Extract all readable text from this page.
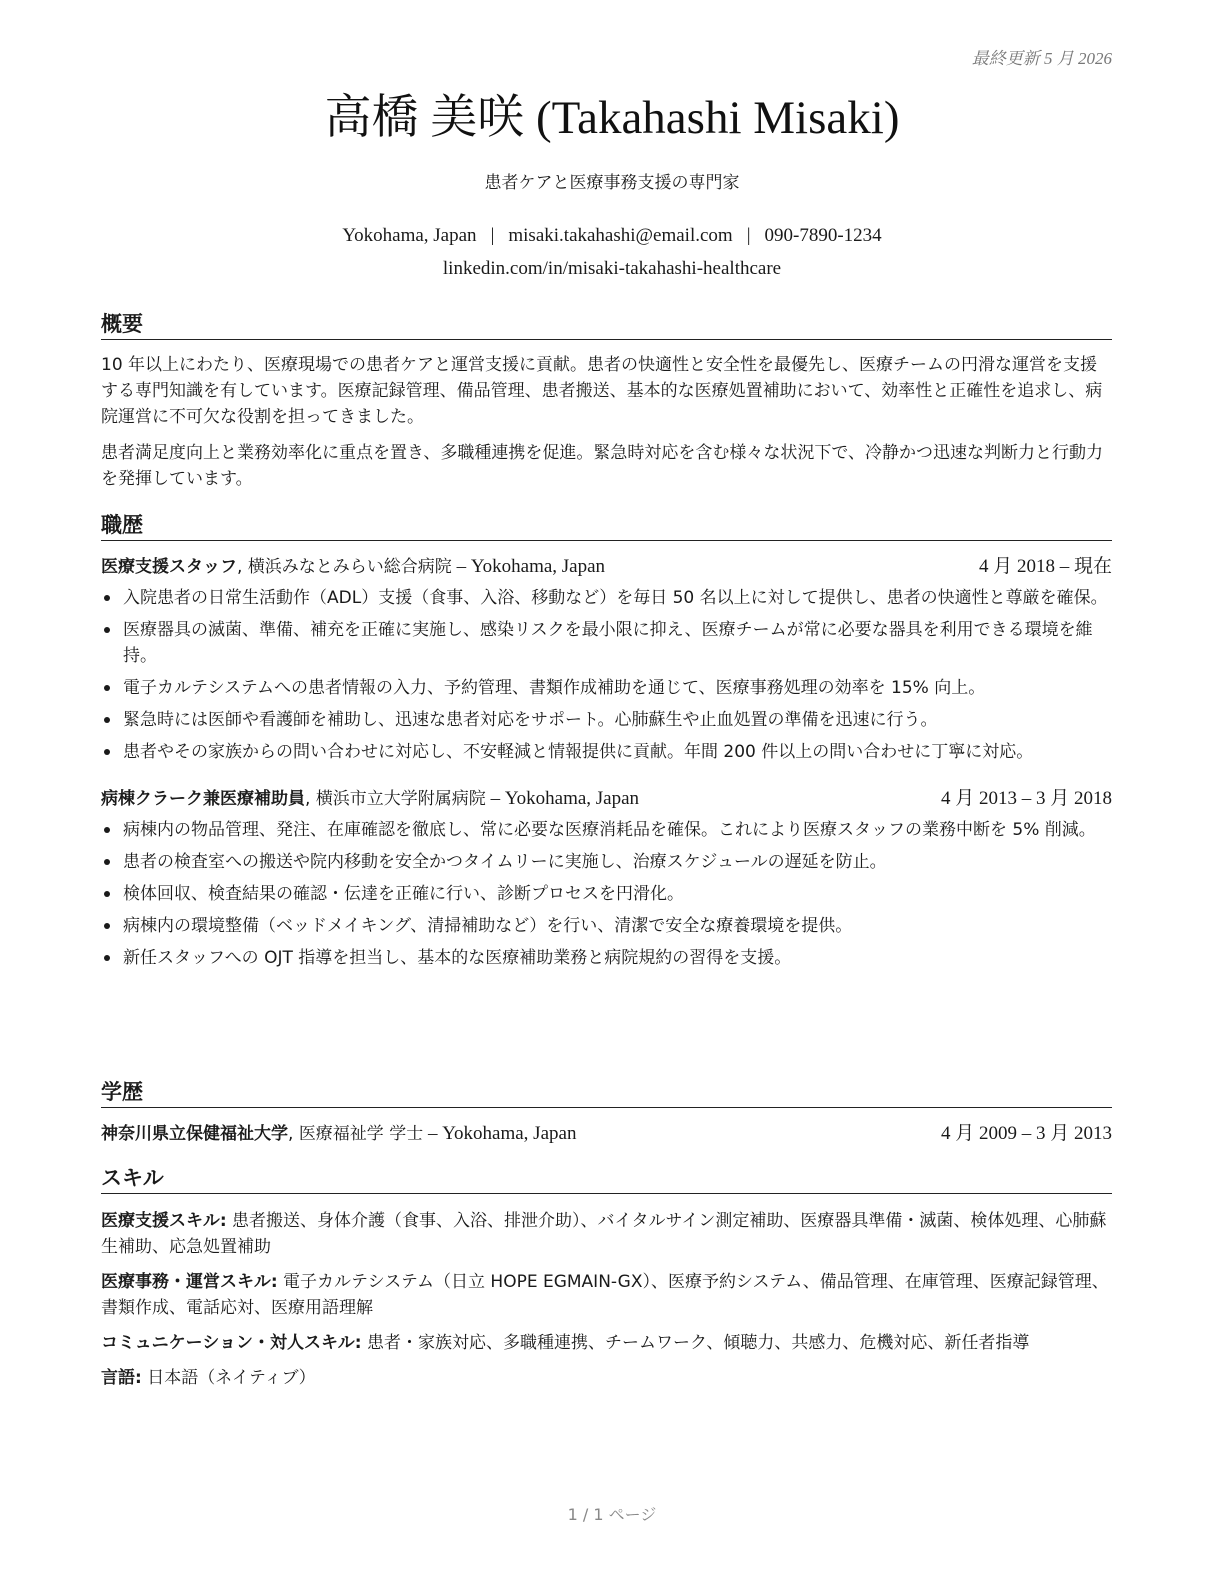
最終更新 5 月 2026
高橋 美咲 (Takahashi Misaki)
患者ケアと医療事務支援の専門家
Yokohama, Japan | misaki.takahashi@email.com | 090-7890-1234
linkedin.com/in/misaki-takahashi-healthcare
概要

10 年以上にわたり、医療現場での患者ケアと運営支援に貢献。患者の快適性と安全性を最優先し、医療チームの円滑な運営を支援する専門知識を有しています。医療記録管理、備品管理、患者搬送、基本的な医療処置補助において、効率性と正確性を追求し、病院運営に不可欠な役割を担ってきました。

患者満足度向上と業務効率化に重点を置き、多職種連携を促進。緊急時対応を含む様々な状況下で、冷静かつ迅速な判断力と行動力を発揮しています。

職歴
医療支援スタッフ, 横浜みなとみらい総合病院 – Yokohama, Japan	4 月 2018 – 現在
入院患者の日常生活動作（ADL）支援（食事、入浴、移動など）を毎日 50 名以上に対して提供し、患者の快適性と尊厳を確保。
医療器具の滅菌、準備、補充を正確に実施し、感染リスクを最小限に抑え、医療チームが常に必要な器具を利用できる環境を維持。
電子カルテシステムへの患者情報の入力、予約管理、書類作成補助を通じて、医療事務処理の効率を 15% 向上。
緊急時には医師や看護師を補助し、迅速な患者対応をサポート。心肺蘇生や止血処置の準備を迅速に行う。
患者やその家族からの問い合わせに対応し、不安軽減と情報提供に貢献。年間 200 件以上の問い合わせに丁寧に対応。
病棟クラーク兼医療補助員, 横浜市立大学附属病院 – Yokohama, Japan	4 月 2013 – 3 月 2018
病棟内の物品管理、発注、在庫確認を徹底し、常に必要な医療消耗品を確保。これにより医療スタッフの業務中断を 5% 削減。
患者の検査室への搬送や院内移動を安全かつタイムリーに実施し、治療スケジュールの遅延を防止。
検体回収、検査結果の確認・伝達を正確に行い、診断プロセスを円滑化。
病棟内の環境整備（ベッドメイキング、清掃補助など）を行い、清潔で安全な療養環境を提供。
新任スタッフへの OJT 指導を担当し、基本的な医療補助業務と病院規約の習得を支援。
学歴
神奈川県立保健福祉大学, 医療福祉学 学士 – Yokohama, Japan	4 月 2009 – 3 月 2013
スキル

医療支援スキル: 患者搬送、身体介護（食事、入浴、排泄介助）、バイタルサイン測定補助、医療器具準備・滅菌、検体処理、心肺蘇生補助、応急処置補助

医療事務・運営スキル: 電子カルテシステム（日立 HOPE EGMAIN-GX）、医療予約システム、備品管理、在庫管理、医療記録管理、書類作成、電話応対、医療用語理解

コミュニケーション・対人スキル: 患者・家族対応、多職種連携、チームワーク、傾聴力、共感力、危機対応、新任者指導

言語: 日本語（ネイティブ）

1 / 1 ページ
